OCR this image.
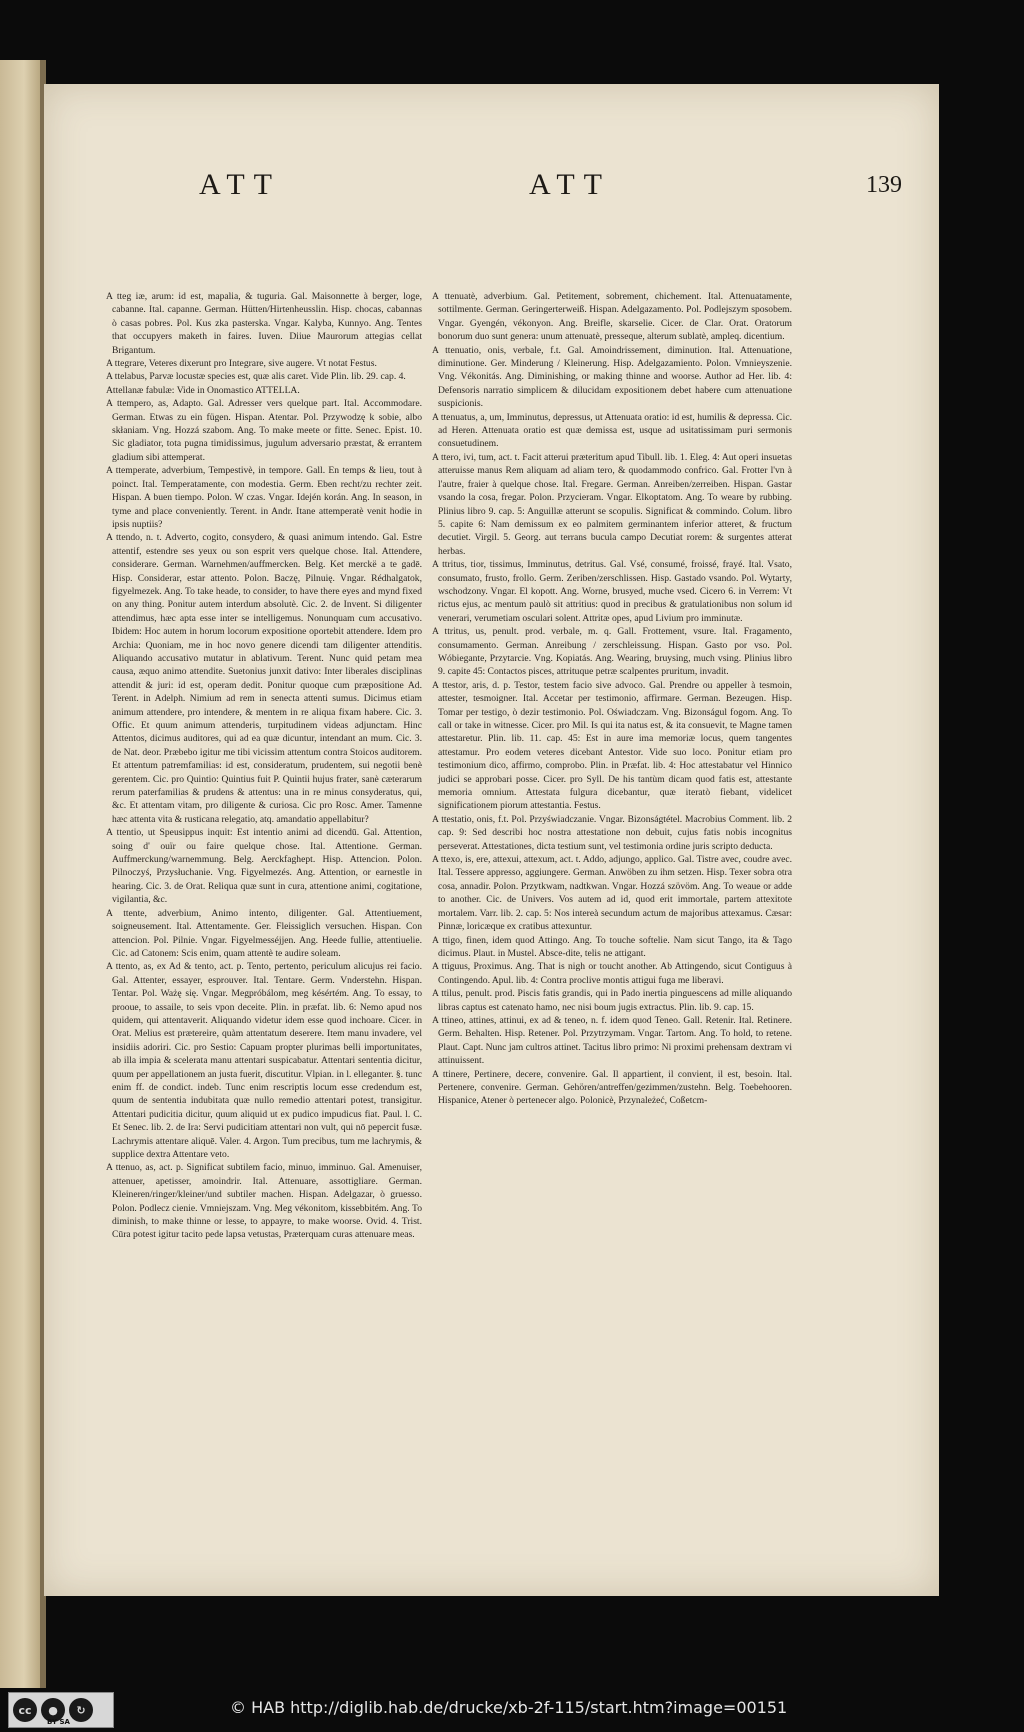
ATT	ATT	139

A tteg iæ, arum: id est, mapalia, & tuguria. Gal. Maisonnette à berger, loge, cabanne. Ital. capanne. German. Hütten/Hirtenheusslin. Hisp. chocas, cabannas ò casas pobres. Pol. Kus zka pasterska. Vngar. Kalyba, Kunnyo. Ang. Tentes that occupyers maketh in faires. Iuven. Diiue Maurorum attegias cellat Brigantum.

A ttegrare, Veteres dixerunt pro Integrare, sive augere. Vt notat Festus.

A ttelabus, Parvæ locustæ species est, quæ alis caret. Vide Plin. lib. 29. cap. 4.

Attellanæ fabulæ: Vide in Onomastico ATTELLA.

A ttempero, as, Adapto. Gal. Adresser vers quelque part. Ital. Accommodare. German. Etwas zu ein fügen. Hispan. Atentar. Pol. Przywodzę k sobie, albo skłaniam. Vng. Hozzá szabom. Ang. To make meete or fitte. Senec. Epist. 10. Sic gladiator, tota pugna timidissimus, jugulum adversario præstat, & errantem gladium sibi attemperat.

A ttemperate, adverbium, Tempestivè, in tempore. Gall. En temps & lieu, tout à poinct. Ital. Temperatamente, con modestia. Germ. Eben recht/zu rechter zeit. Hispan. A buen tiempo. Polon. W czas. Vngar. Idején korán. Ang. In season, in tyme and place conveniently. Terent. in Andr. Itane attemperatè venit hodie in ipsis nuptiis?

A ttendo, n. t. Adverto, cogito, consydero, & quasi animum intendo. Gal. Estre attentif, estendre ses yeux ou son esprit vers quelque chose. Ital. Attendere, considerare. German. Warnehmen/auffmercken. Belg. Ket merckë a te gadē. Hisp. Considerar, estar attento. Polon. Baczę, Pilnuię. Vngar. Rédhalgatok, figyelmezek. Ang. To take heade, to consider, to have there eyes and mynd fixed on any thing. Ponitur autem interdum absolutè. Cic. 2. de Invent. Si diligenter attendimus, hæc apta esse inter se intelligemus. Nonunquam cum accusativo. Ibidem: Hoc autem in horum locorum expositione oportebit attendere. Idem pro Archia: Quoniam, me in hoc novo genere dicendi tam diligenter attenditis. Aliquando accusativo mutatur in ablativum. Terent. Nunc quid petam mea causa, æquo animo attendite. Suetonius junxit dativo: Inter liberales disciplinas attendit & juri: id est, operam dedit. Ponitur quoque cum præpositione Ad. Terent. in Adelph. Nimium ad rem in senecta attenti sumus. Dicimus etiam animum attendere, pro intendere, & mentem in re aliqua fixam habere. Cic. 3. Offic. Et quum animum attenderis, turpitudinem videas adjunctam. Hinc Attentos, dicimus auditores, qui ad ea quæ dicuntur, intendant an mum. Cic. 3. de Nat. deor. Præbebo igitur me tibi vicissim attentum contra Stoicos auditorem. Et attentum patremfamilias: id est, consideratum, prudentem, sui negotii benè gerentem. Cic. pro Quintio: Quintius fuit P. Quintii hujus frater, sanè cæterarum rerum paterfamilias & prudens & attentus: una in re minus consyderatus, qui, &c. Et attentam vitam, pro diligente & curiosa. Cic pro Rosc. Amer. Tamenne hæc attenta vita & rusticana relegatio, atq. amandatio appellabitur?

A ttentio, ut Speusippus inquit: Est intentio animi ad dicendū. Gal. Attention, soing d' ouïr ou faire quelque chose. Ital. Attentione. German. Auffmerckung/warnemmung. Belg. Aerckfaghept. Hisp. Attencion. Polon. Pilnoczyś, Przysłuchanie. Vng. Figyelmezés. Ang. Attention, or earnestle in hearing. Cic. 3. de Orat. Reliqua quæ sunt in cura, attentione animi, cogitatione, vigilantia, &c.

A ttente, adverbium, Animo intento, diligenter. Gal. Attentiuement, soigneusement. Ital. Attentamente. Ger. Fleissiglich versuchen. Hispan. Con attencion. Pol. Pilnie. Vngar. Figyelmesséjjen. Ang. Heede fullie, attentiuelie. Cic. ad Catonem: Scis enim, quam attentè te audire soleam.

A ttento, as, ex Ad & tento, act. p. Tento, pertento, periculum alicujus rei facio. Gal. Attenter, essayer, esprouver. Ital. Tentare. Germ. Vnderstehn. Hispan. Tentar. Pol. Ważę się. Vngar. Megpróbálom, meg késértém. Ang. To essay, to prooue, to assaile, to seis vpon deceite. Plin. in præfat. lib. 6: Nemo apud nos quidem, qui attentaverit. Aliquando videtur idem esse quod inchoare. Cicer. in Orat. Melius est prætereire, quàm attentatum deserere. Item manu invadere, vel insidiis adoriri. Cic. pro Sestio: Capuam propter plurimas belli importunitates, ab illa impia & scelerata manu attentari suspicabatur. Attentari sententia dicitur, quum per appellationem an justa fuerit, discutitur. Vlpian. in l. elleganter. §. tunc enim ff. de condict. indeb. Tunc enim rescriptis locum esse credendum est, quum de sententia indubitata quæ nullo remedio attentari potest, transigitur. Attentari pudicitia dicitur, quum aliquid ut ex pudico impudicus fiat. Paul. l. C. Et Senec. lib. 2. de Ira: Servi pudicitiam attentari non vult, qui nō pepercit fusæ. Lachrymis attentare aliquē. Valer. 4. Argon. Tum precibus, tum me lachrymis, & supplice dextra Attentare veto.

A ttenuo, as, act. p. Significat subtilem facio, minuo, imminuo. Gal. Amenuiser, attenuer, apetisser, amoindrir. Ital. Attenuare, assottigliare. German. Kleineren/ringer/kleiner/und subtiler machen. Hispan. Adelgazar, ò gruesso. Polon. Podlecz cienie. Vmniejszam. Vng. Meg vékonitom, kissebbitém. Ang. To diminish, to make thinne or lesse, to appayre, to make woorse. Ovid. 4. Trist. Cūra potest igitur tacito pede lapsa vetustas, Præterquam curas attenuare meas.

A ttenuatè, adverbium. Gal. Petitement, sobrement, chichement. Ital. Attenuatamente, sottilmente. German. Geringerterweiß. Hispan. Adelgazamento. Pol. Podlejszym sposobem. Vngar. Gyengén, vékonyon. Ang. Breifle, skarselie. Cicer. de Clar. Orat. Oratorum bonorum duo sunt genera: unum attenuatè, presseque, alterum sublatè, ampleq. dicentium.

A ttenuatio, onis, verbale, f.t. Gal. Amoindrissement, diminution. Ital. Attenuatione, diminutione. Ger. Minderung / Kleinerung. Hisp. Adelgazamiento. Polon. Vmnieyszenie. Vng. Vékonitás. Ang. Diminishing, or making thinne and woorse. Author ad Her. lib. 4: Defensoris narratio simplicem & dilucidam expositionem debet habere cum attenuatione suspicionis.

A ttenuatus, a, um, Imminutus, depressus, ut Attenuata oratio: id est, humilis & depressa. Cic. ad Heren. Attenuata oratio est quæ demissa est, usque ad usitatissimam puri sermonis consuetudinem.

A ttero, ivi, tum, act. t. Facit atterui præteritum apud Tibull. lib. 1. Eleg. 4: Aut operi insuetas atteruisse manus Rem aliquam ad aliam tero, & quodammodo confrico. Gal. Frotter l'vn à l'autre, fraier à quelque chose. Ital. Fregare. German. Anreiben/zerreiben. Hispan. Gastar vsando la cosa, fregar. Polon. Przycieram. Vngar. Elkoptatom. Ang. To weare by rubbing. Plinius libro 9. cap. 5: Anguillæ atterunt se scopulis. Significat & commindo. Colum. libro 5. capite 6: Nam demissum ex eo palmitem germinantem inferior atteret, & fructum decutiet. Virgil. 5. Georg. aut terrans bucula campo Decutiat rorem: & surgentes atterat herbas.

A ttritus, tior, tissimus, Imminutus, detritus. Gal. Vsé, consumé, froissé, frayé. Ital. Vsato, consumato, frusto, frollo. Germ. Zeriben/zerschlissen. Hisp. Gastado vsando. Pol. Wytarty, wschodzony. Vngar. El kopott. Ang. Worne, brusyed, muche vsed. Cicero 6. in Verrem: Vt rictus ejus, ac mentum paulò sit attritius: quod in precibus & gratulationibus non solum id venerari, verumetiam osculari solent. Attritæ opes, apud Livium pro imminutæ.

A ttritus, us, penult. prod. verbale, m. q. Gall. Frottement, vsure. Ital. Fragamento, consumamento. German. Anreibung / zerschleissung. Hispan. Gasto por vso. Pol. Wóbiegante, Przytarcie. Vng. Kopiatás. Ang. Wearing, bruysing, much vsing. Plinius libro 9. capite 45: Contactos pisces, attrituque petræ scalpentes pruritum, invadit.

A ttestor, aris, d. p. Testor, testem facio sive advoco. Gal. Prendre ou appeller à tesmoin, attester, tesmoigner. Ital. Accetar per testimonio, affirmare. German. Bezeugen. Hisp. Tomar per testigo, ò dezir testimonio. Pol. Oświadczam. Vng. Bizonságul fogom. Ang. To call or take in witnesse. Cicer. pro Mil. Is qui ita natus est, & ita consuevit, te Magne tamen attestaretur. Plin. lib. 11. cap. 45: Est in aure ima memoriæ locus, quem tangentes attestamur. Pro eodem veteres dicebant Antestor. Vide suo loco. Ponitur etiam pro testimonium dico, affirmo, comprobo. Plin. in Præfat. lib. 4: Hoc attestabatur vel Hinnico judici se approbari posse. Cicer. pro Syll. De his tantùm dicam quod fatis est, attestante memoria omnium. Attestata fulgura dicebantur, quæ iteratò fiebant, videlicet significationem piorum attestantia. Festus.

A ttestatio, onis, f.t. Pol. Przyświadczanie. Vngar. Bizonságtétel. Macrobius Comment. lib. 2 cap. 9: Sed describi hoc nostra attestatione non debuit, cujus fatis nobis incognitus perseverat. Attestationes, dicta testium sunt, vel testimonia ordine juris scripto deducta.

A ttexo, is, ere, attexui, attexum, act. t. Addo, adjungo, applico. Gal. Tistre avec, coudre avec. Ital. Tessere appresso, aggiungere. German. Anwöben zu ihm setzen. Hisp. Texer sobra otra cosa, annadir. Polon. Przytkwam, nadtkwan. Vngar. Hozzá szövöm. Ang. To weaue or adde to another. Cic. de Univers. Vos autem ad id, quod erit immortale, partem attexitote mortalem. Varr. lib. 2. cap. 5: Nos intereà secundum actum de majoribus attexamus. Cæsar: Pinnæ, loricæque ex cratibus attexuntur.

A ttigo, finen, idem quod Attingo. Ang. To touche softelie. Nam sicut Tango, ita & Tago dicimus. Plaut. in Mustel. Absce-dite, telis ne attigant.

A ttiguus, Proximus. Ang. That is nigh or toucht another. Ab Attingendo, sicut Contiguus à Contingendo. Apul. lib. 4: Contra proclive montis attigui fuga me liberavi.

A ttilus, penult. prod. Piscis fatis grandis, qui in Pado inertia pinguescens ad mille aliquando libras captus est catenato hamo, nec nisi boum jugis extractus. Plin. lib. 9. cap. 15.

A ttineo, attines, attinui, ex ad & teneo, n. f. idem quod Teneo. Gall. Retenir. Ital. Retinere. Germ. Behalten. Hisp. Retener. Pol. Przytrzymam. Vngar. Tartom. Ang. To hold, to retene. Plaut. Capt. Nunc jam cultros attinet. Tacitus libro primo: Ni proximi prehensam dextram vi attinuissent.

A ttinere, Pertinere, decere, convenire. Gal. Il appartient, il convient, il est, besoin. Ital. Pertenere, convenire. German. Gehören/antreffen/gezimmen/zustehn. Belg. Toebehooren. Hispanice, Atener ò pertenecer algo. Polonicè, Przynależeć, Coßetcm-

cc	●	↻
BY SA
© HAB http://diglib.hab.de/drucke/xb-2f-115/start.htm?image=00151
